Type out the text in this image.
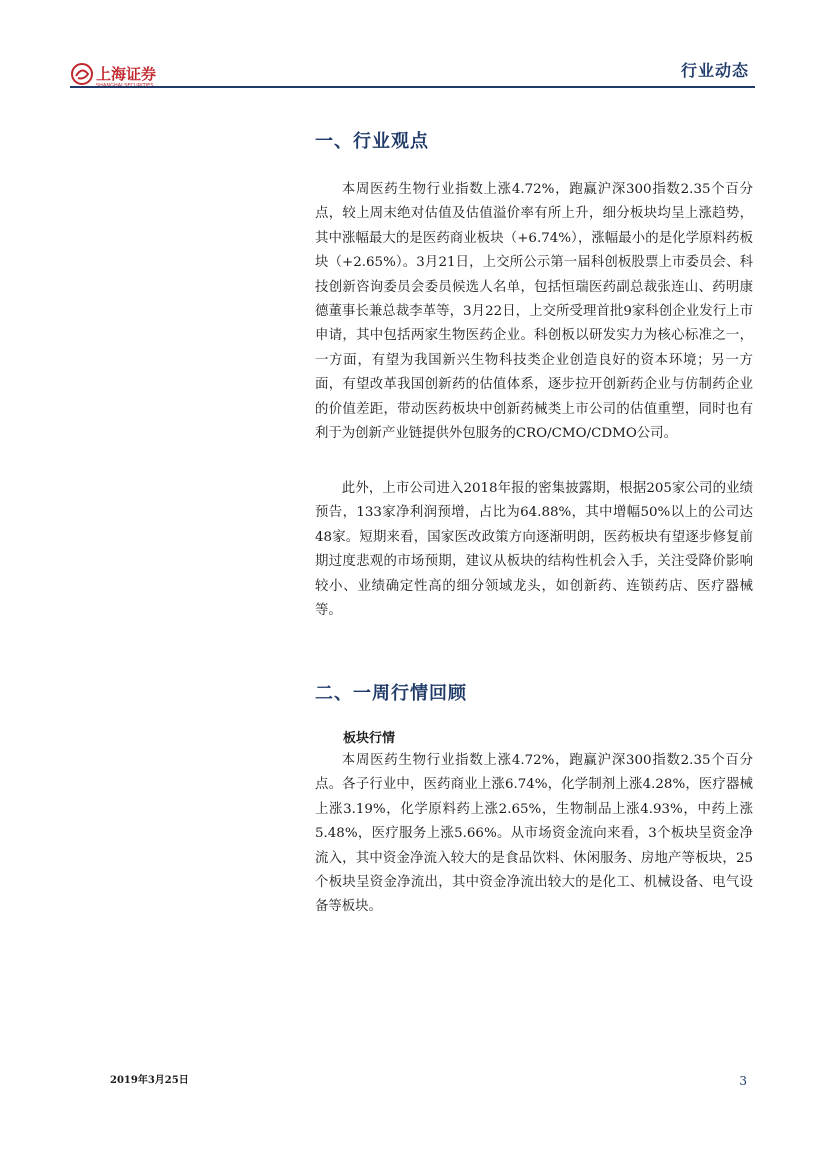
上海证券	行业动态
一、行业观点

本周医药生物行业指数上涨4.72%，跑赢沪深300指数2.35个百分点，较上周末绝对估值及估值溢价率有所上升，细分板块均呈上涨趋势，其中涨幅最大的是医药商业板块（+6.74%），涨幅最小的是化学原料药板块（+2.65%）。3月21日，上交所公示第一届科创板股票上市委员会、科技创新咨询委员会委员候选人名单，包括恒瑞医药副总裁张连山、药明康德董事长兼总裁李革等，3月22日，上交所受理首批9家科创企业发行上市申请，其中包括两家生物医药企业。科创板以研发实力为核心标准之一，一方面，有望为我国新兴生物科技类企业创造良好的资本环境；另一方面，有望改革我国创新药的估值体系，逐步拉开创新药企业与仿制药企业的价值差距，带动医药板块中创新药械类上市公司的估值重塑，同时也有利于为创新产业链提供外包服务的CRO/CMO/CDMO公司。

此外，上市公司进入2018年报的密集披露期，根据205家公司的业绩预告，133家净利润预增，占比为64.88%，其中增幅50%以上的公司达48家。短期来看，国家医改政策方向逐渐明朗，医药板块有望逐步修复前期过度悲观的市场预期，建议从板块的结构性机会入手，关注受降价影响较小、业绩确定性高的细分领域龙头，如创新药、连锁药店、医疗器械等。

二、一周行情回顾
板块行情

本周医药生物行业指数上涨4.72%，跑赢沪深300指数2.35个百分点。各子行业中，医药商业上涨6.74%，化学制剂上涨4.28%，医疗器械上涨3.19%，化学原料药上涨2.65%，生物制品上涨4.93%，中药上涨5.48%，医疗服务上涨5.66%。从市场资金流向来看，3个板块呈资金净流入，其中资金净流入较大的是食品饮料、休闲服务、房地产等板块，25个板块呈资金净流出，其中资金净流出较大的是化工、机械设备、电气设备等板块。

2019年3月25日	3
